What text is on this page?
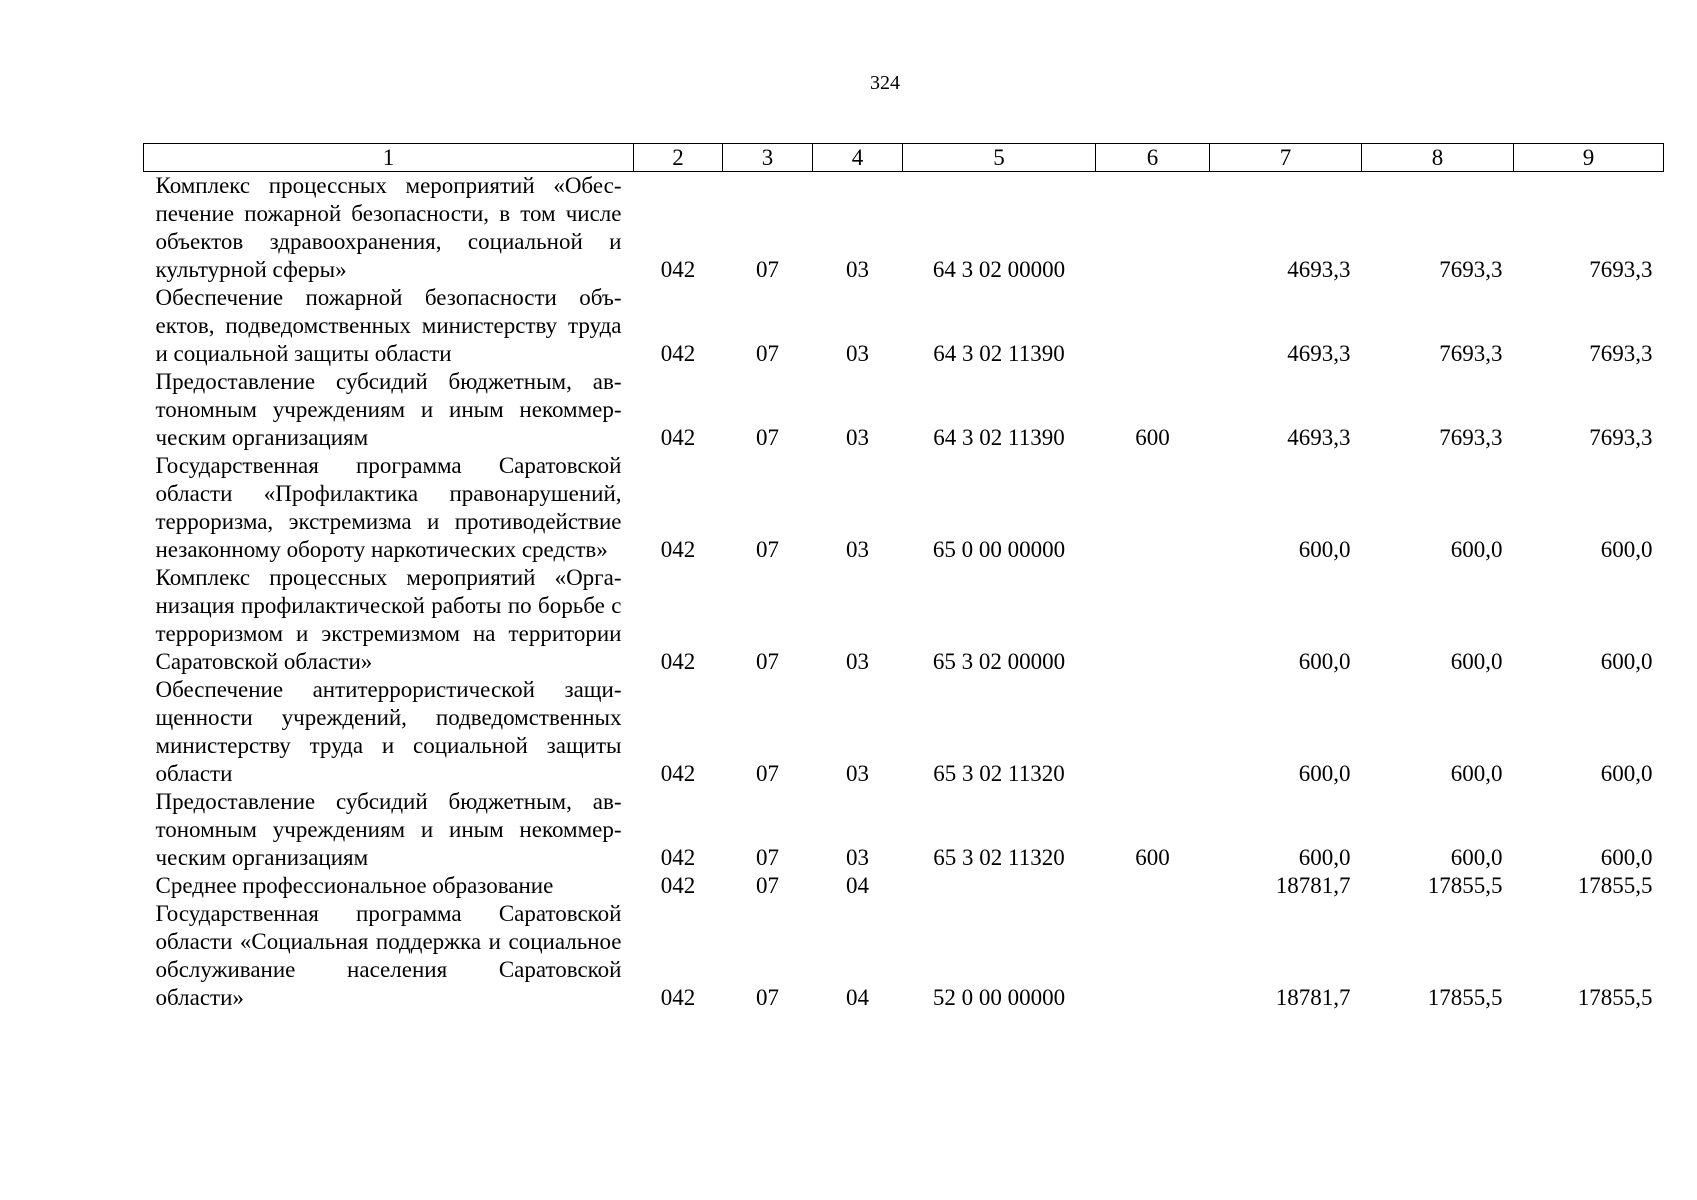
324
1	2	3	4	5	6	7	8	9
Комплекс процессных мероприятий «Обеспечение пожарной безопасности, в том числе объектов здравоохранения, социальной и культурной сферы»	042	07	03	64 3 02 00000		4693,3	7693,3	7693,3
Обеспечение пожарной безопасности объектов, подведомственных министерству труда и социальной защиты области	042	07	03	64 3 02 11390		4693,3	7693,3	7693,3
Предоставление субсидий бюджетным, автономным учреждениям и иным некоммерческим организациям	042	07	03	64 3 02 11390	600	4693,3	7693,3	7693,3
Государственная программа Саратовской области «Профилактика правонарушений, терроризма, экстремизма и противодействие незаконному обороту наркотических средств»	042	07	03	65 0 00 00000		600,0	600,0	600,0
Комплекс процессных мероприятий «Организация профилактической работы по борьбе с терроризмом и экстремизмом на территории Саратовской области»	042	07	03	65 3 02 00000		600,0	600,0	600,0
Обеспечение антитеррористической защищенности учреждений, подведомственных министерству труда и социальной защиты области	042	07	03	65 3 02 11320		600,0	600,0	600,0
Предоставление субсидий бюджетным, автономным учреждениям и иным некоммерческим организациям	042	07	03	65 3 02 11320	600	600,0	600,0	600,0
Среднее профессиональное образование	042	07	04			18781,7	17855,5	17855,5
Государственная программа Саратовской области «Социальная поддержка и социальное обслуживание населения Саратовской области»	042	07	04	52 0 00 00000		18781,7	17855,5	17855,5
